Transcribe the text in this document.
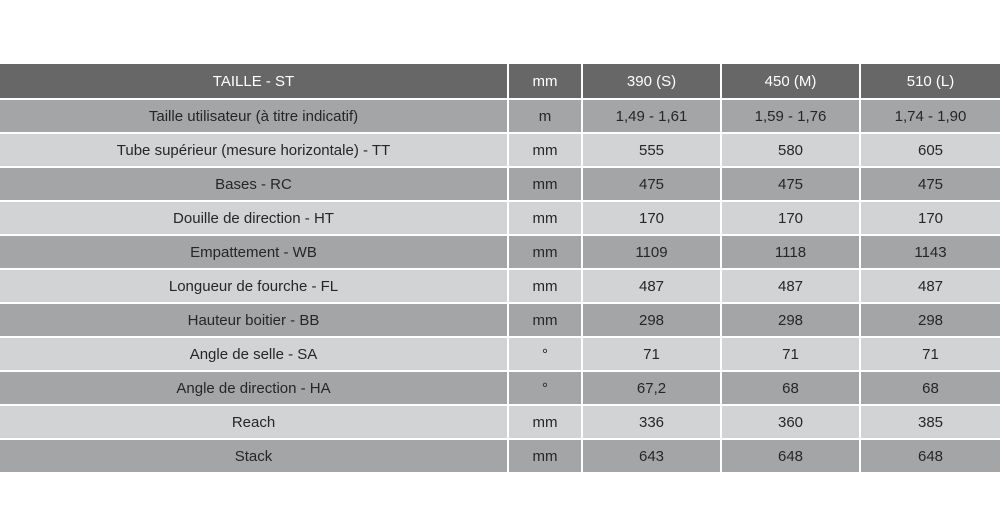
TAILLE - ST	mm	390 (S)	450 (M)	510 (L)
Taille utilisateur (à titre indicatif)	m	1,49 - 1,61	1,59 - 1,76	1,74 - 1,90
Tube supérieur (mesure horizontale) - TT	mm	555	580	605
Bases - RC	mm	475	475	475
Douille de direction - HT	mm	170	170	170
Empattement - WB	mm	1109	1118	1143
Longueur de fourche - FL	mm	487	487	487
Hauteur boitier - BB	mm	298	298	298
Angle de selle - SA	°	71	71	71
Angle de direction - HA	°	67,2	68	68
Reach	mm	336	360	385
Stack	mm	643	648	648
